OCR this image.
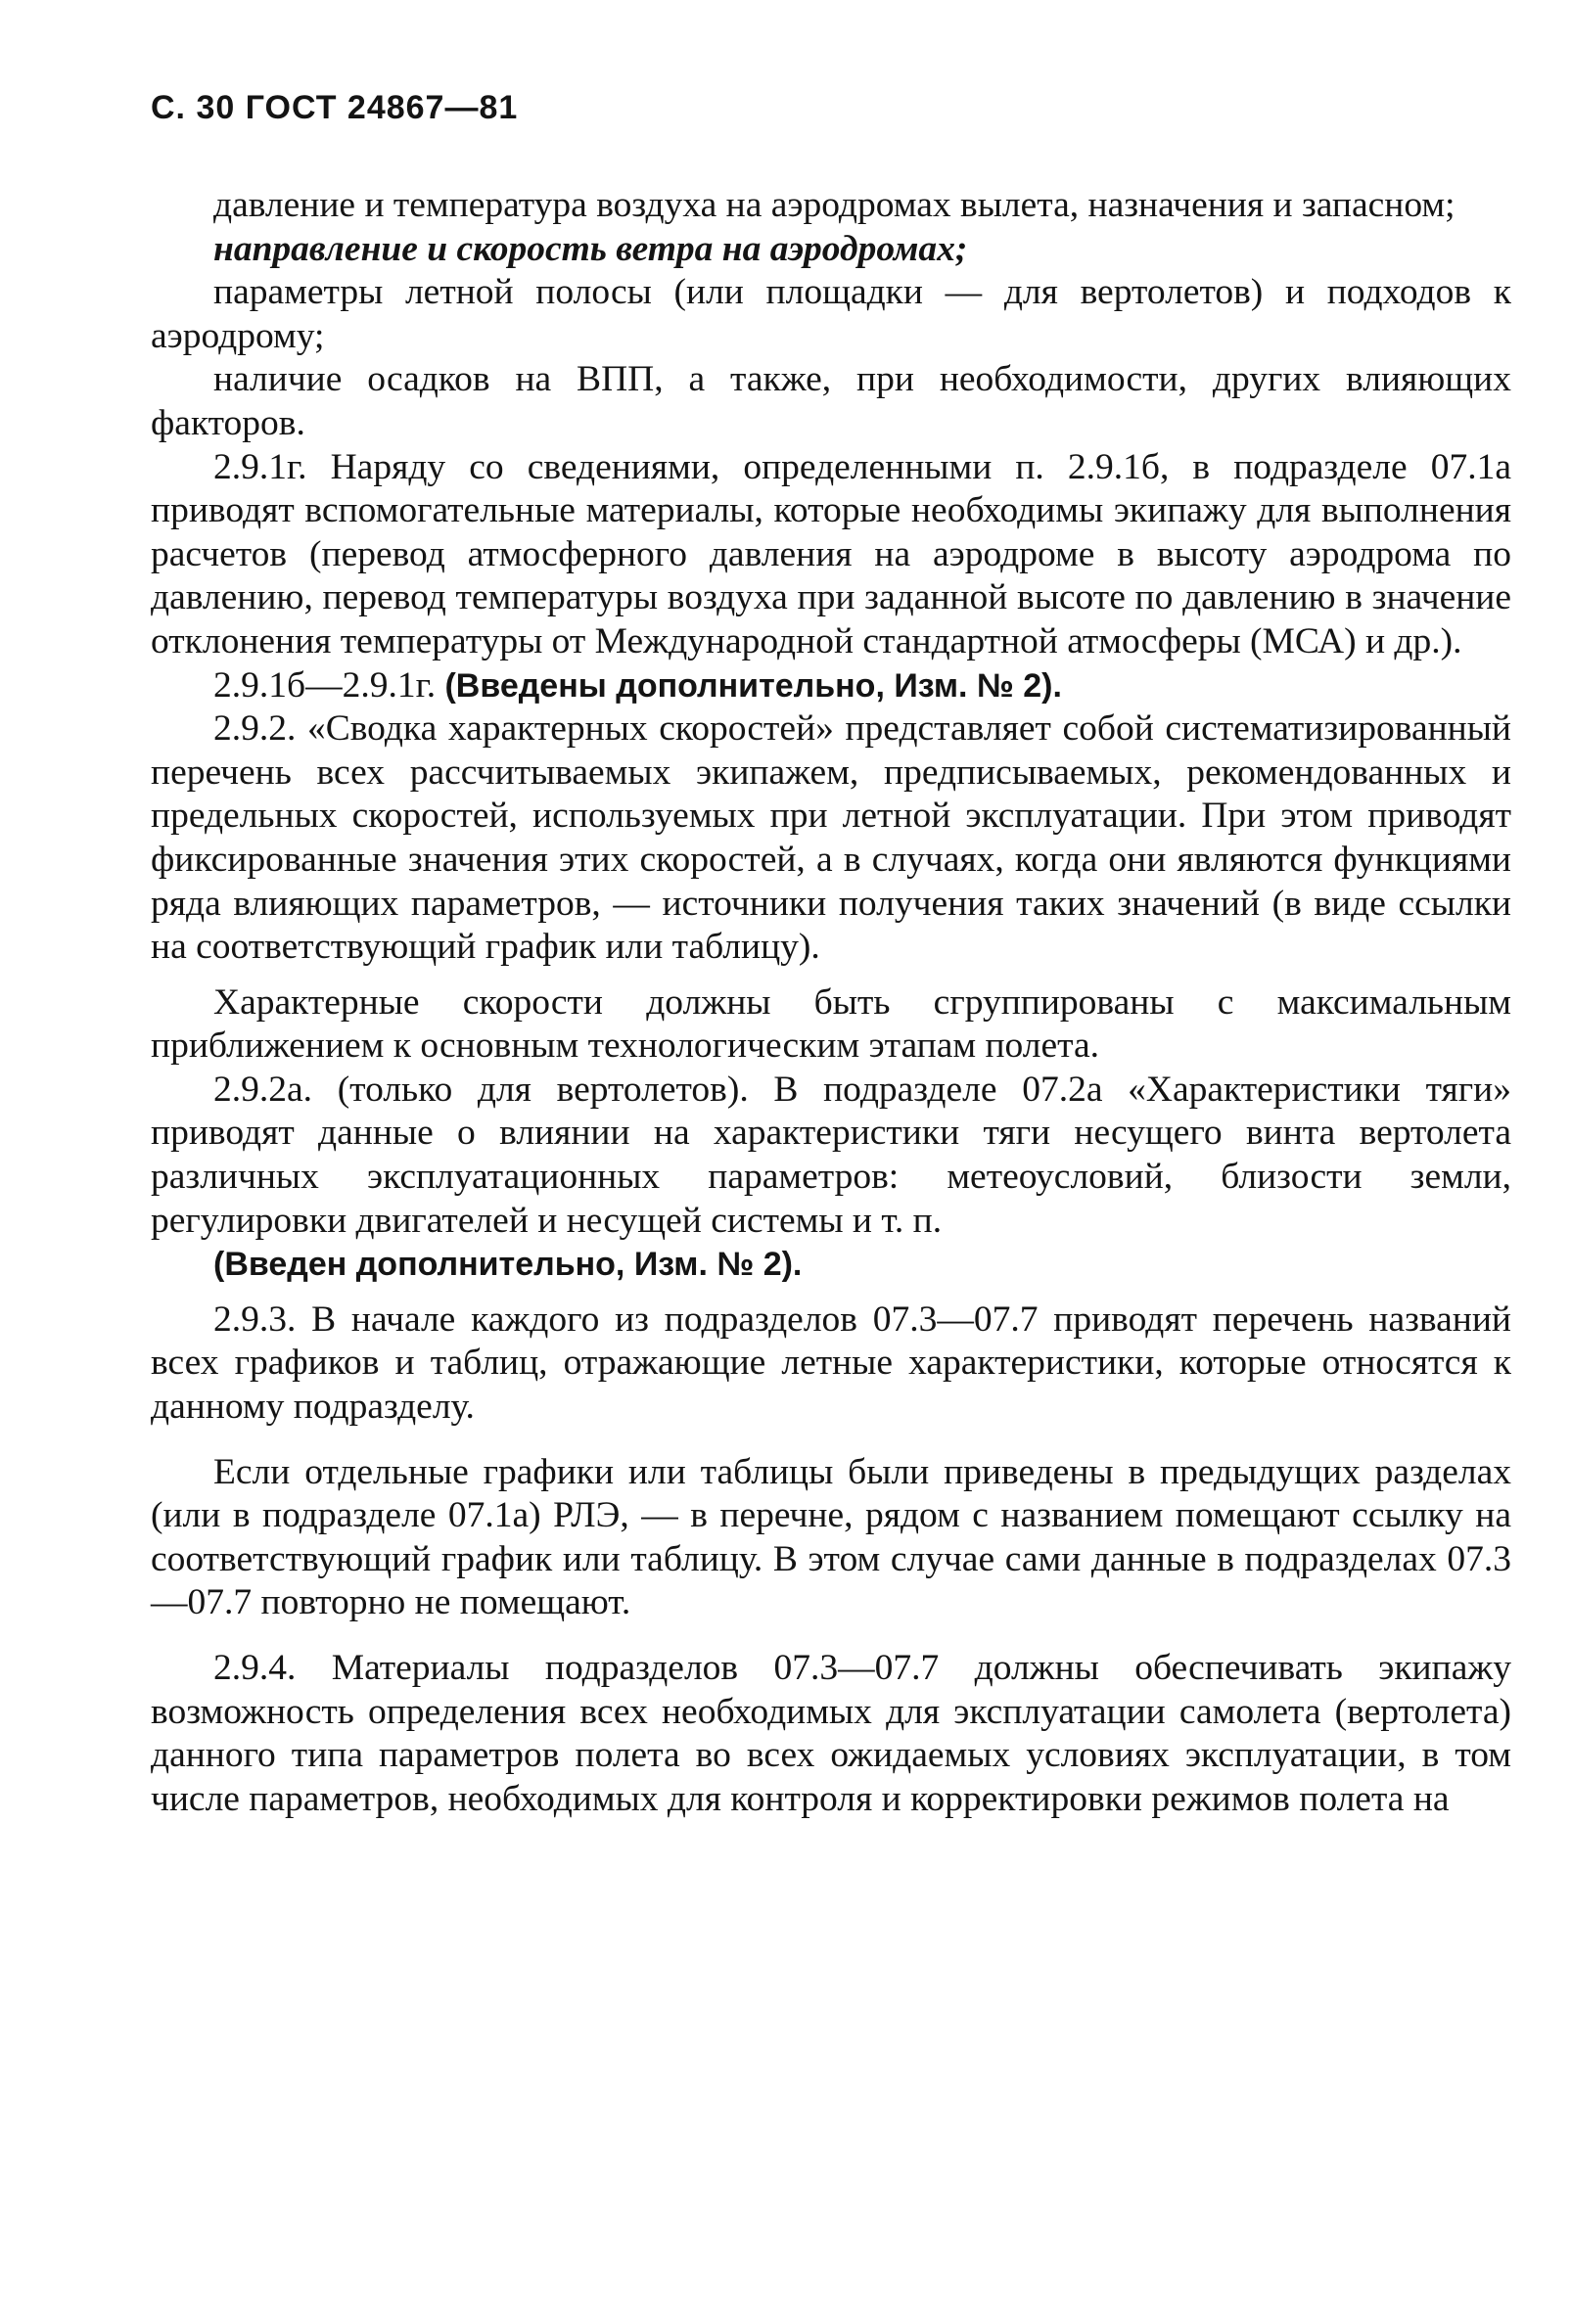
С. 30 ГОСТ 24867—81

давление и температура воздуха на аэродромах вылета, назначения и запасном;

направление и скорость ветра на аэродромах;

параметры летной полосы (или площадки — для вертолетов) и подходов к аэродрому;

наличие осадков на ВПП, а также, при необходимости, других влияющих факторов.

2.9.1г. Наряду со сведениями, определенными п. 2.9.1б, в подразделе 07.1а приводят вспомогательные материалы, которые необходимы экипажу для выполнения расчетов (перевод атмосферного давления на аэродроме в высоту аэродрома по давлению, перевод температуры воздуха при заданной высоте по давлению в значение отклонения температуры от Международной стандартной атмосферы (МСА) и др.).

2.9.1б—2.9.1г. (Введены дополнительно, Изм. № 2).

2.9.2. «Сводка характерных скоростей» представляет собой систематизированный перечень всех рассчитываемых экипажем, предписываемых, рекомендованных и предельных скоростей, используемых при летной эксплуатации. При этом приводят фиксированные значения этих скоростей, а в случаях, когда они являются функциями ряда влияющих параметров, — источники получения таких значений (в виде ссылки на соответствующий график или таблицу).

Характерные скорости должны быть сгруппированы с максимальным приближением к основным технологическим этапам полета.

2.9.2а. (только для вертолетов). В подразделе 07.2а «Характеристики тяги» приводят данные о влиянии на характеристики тяги несущего винта вертолета различных эксплуатационных параметров: метеоусловий, близости земли, регулировки двигателей и несущей системы и т. п.

(Введен дополнительно, Изм. № 2).

2.9.3. В начале каждого из подразделов 07.3—07.7 приводят перечень названий всех графиков и таблиц, отражающие летные характеристики, которые относятся к данному подразделу.

Если отдельные графики или таблицы были приведены в предыдущих разделах (или в подразделе 07.1а) РЛЭ, — в перечне, рядом с названием помещают ссылку на соответствующий график или таблицу. В этом случае сами данные в подразделах 07.3—07.7 повторно не помещают.

2.9.4. Материалы подразделов 07.3—07.7 должны обеспечивать экипажу возможность определения всех необходимых для эксплуатации самолета (вертолета) данного типа параметров полета во всех ожидаемых условиях эксплуатации, в том числе параметров, необходимых для контроля и корректировки режимов полета на
